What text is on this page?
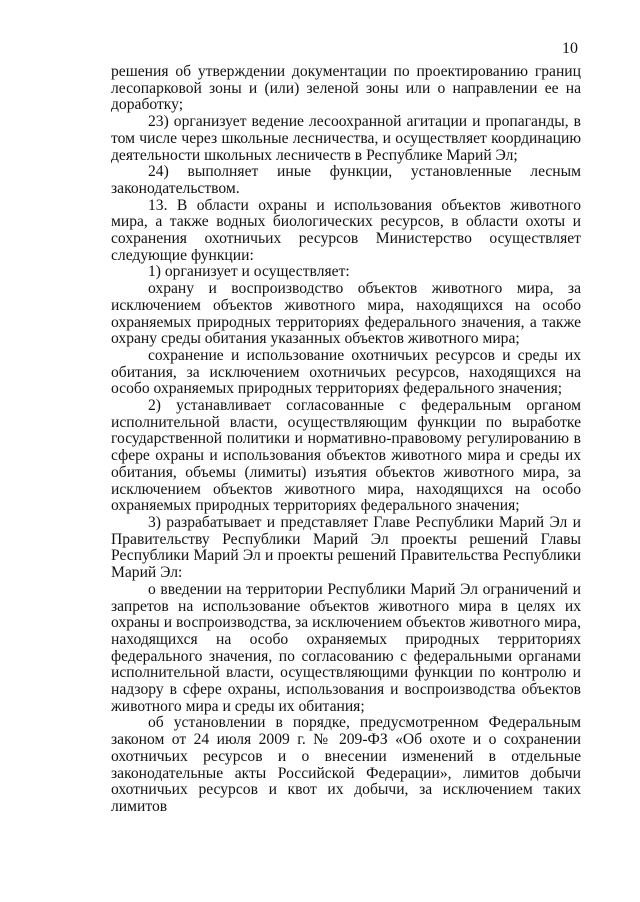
10

решения об утверждении документации по проектированию границ лесопарковой зоны и (или) зеленой зоны или о направлении ее на доработку;

23) организует ведение лесоохранной агитации и пропаганды, в том числе через школьные лесничества, и осуществляет координацию деятельности школьных лесничеств в Республике Марий Эл;

24) выполняет иные функции, установленные лесным законодательством.

13. В области охраны и использования объектов животного мира, а также водных биологических ресурсов, в области охоты и сохранения охотничьих ресурсов Министерство осуществляет следующие функции:

1) организует и осуществляет:

охрану и воспроизводство объектов животного мира, за исключением объектов животного мира, находящихся на особо охраняемых природных территориях федерального значения, а также охрану среды обитания указанных объектов животного мира;

сохранение и использование охотничьих ресурсов и среды их обитания, за исключением охотничьих ресурсов, находящихся на особо охраняемых природных территориях федерального значения;

2) устанавливает согласованные с федеральным органом исполнительной власти, осуществляющим функции по выработке государственной политики и нормативно-правовому регулированию в сфере охраны и использования объектов животного мира и среды их обитания, объемы (лимиты) изъятия объектов животного мира, за исключением объектов животного мира, находящихся на особо охраняемых природных территориях федерального значения;

3) разрабатывает и представляет Главе Республики Марий Эл и Правительству Республики Марий Эл проекты решений Главы Республики Марий Эл и проекты решений Правительства Республики Марий Эл:

о введении на территории Республики Марий Эл ограничений и запретов на использование объектов животного мира в целях их охраны и воспроизводства, за исключением объектов животного мира, находящихся на особо охраняемых природных территориях федерального значения, по согласованию с федеральными органами исполнительной власти, осуществляющими функции по контролю и надзору в сфере охраны, использования и воспроизводства объектов животного мира и среды их обитания;

об установлении в порядке, предусмотренном Федеральным законом от 24 июля 2009 г. № 209-ФЗ «Об охоте и о сохранении охотничьих ресурсов и о внесении изменений в отдельные законодательные акты Российской Федерации», лимитов добычи охотничьих ресурсов и квот их добычи, за исключением таких лимитов
